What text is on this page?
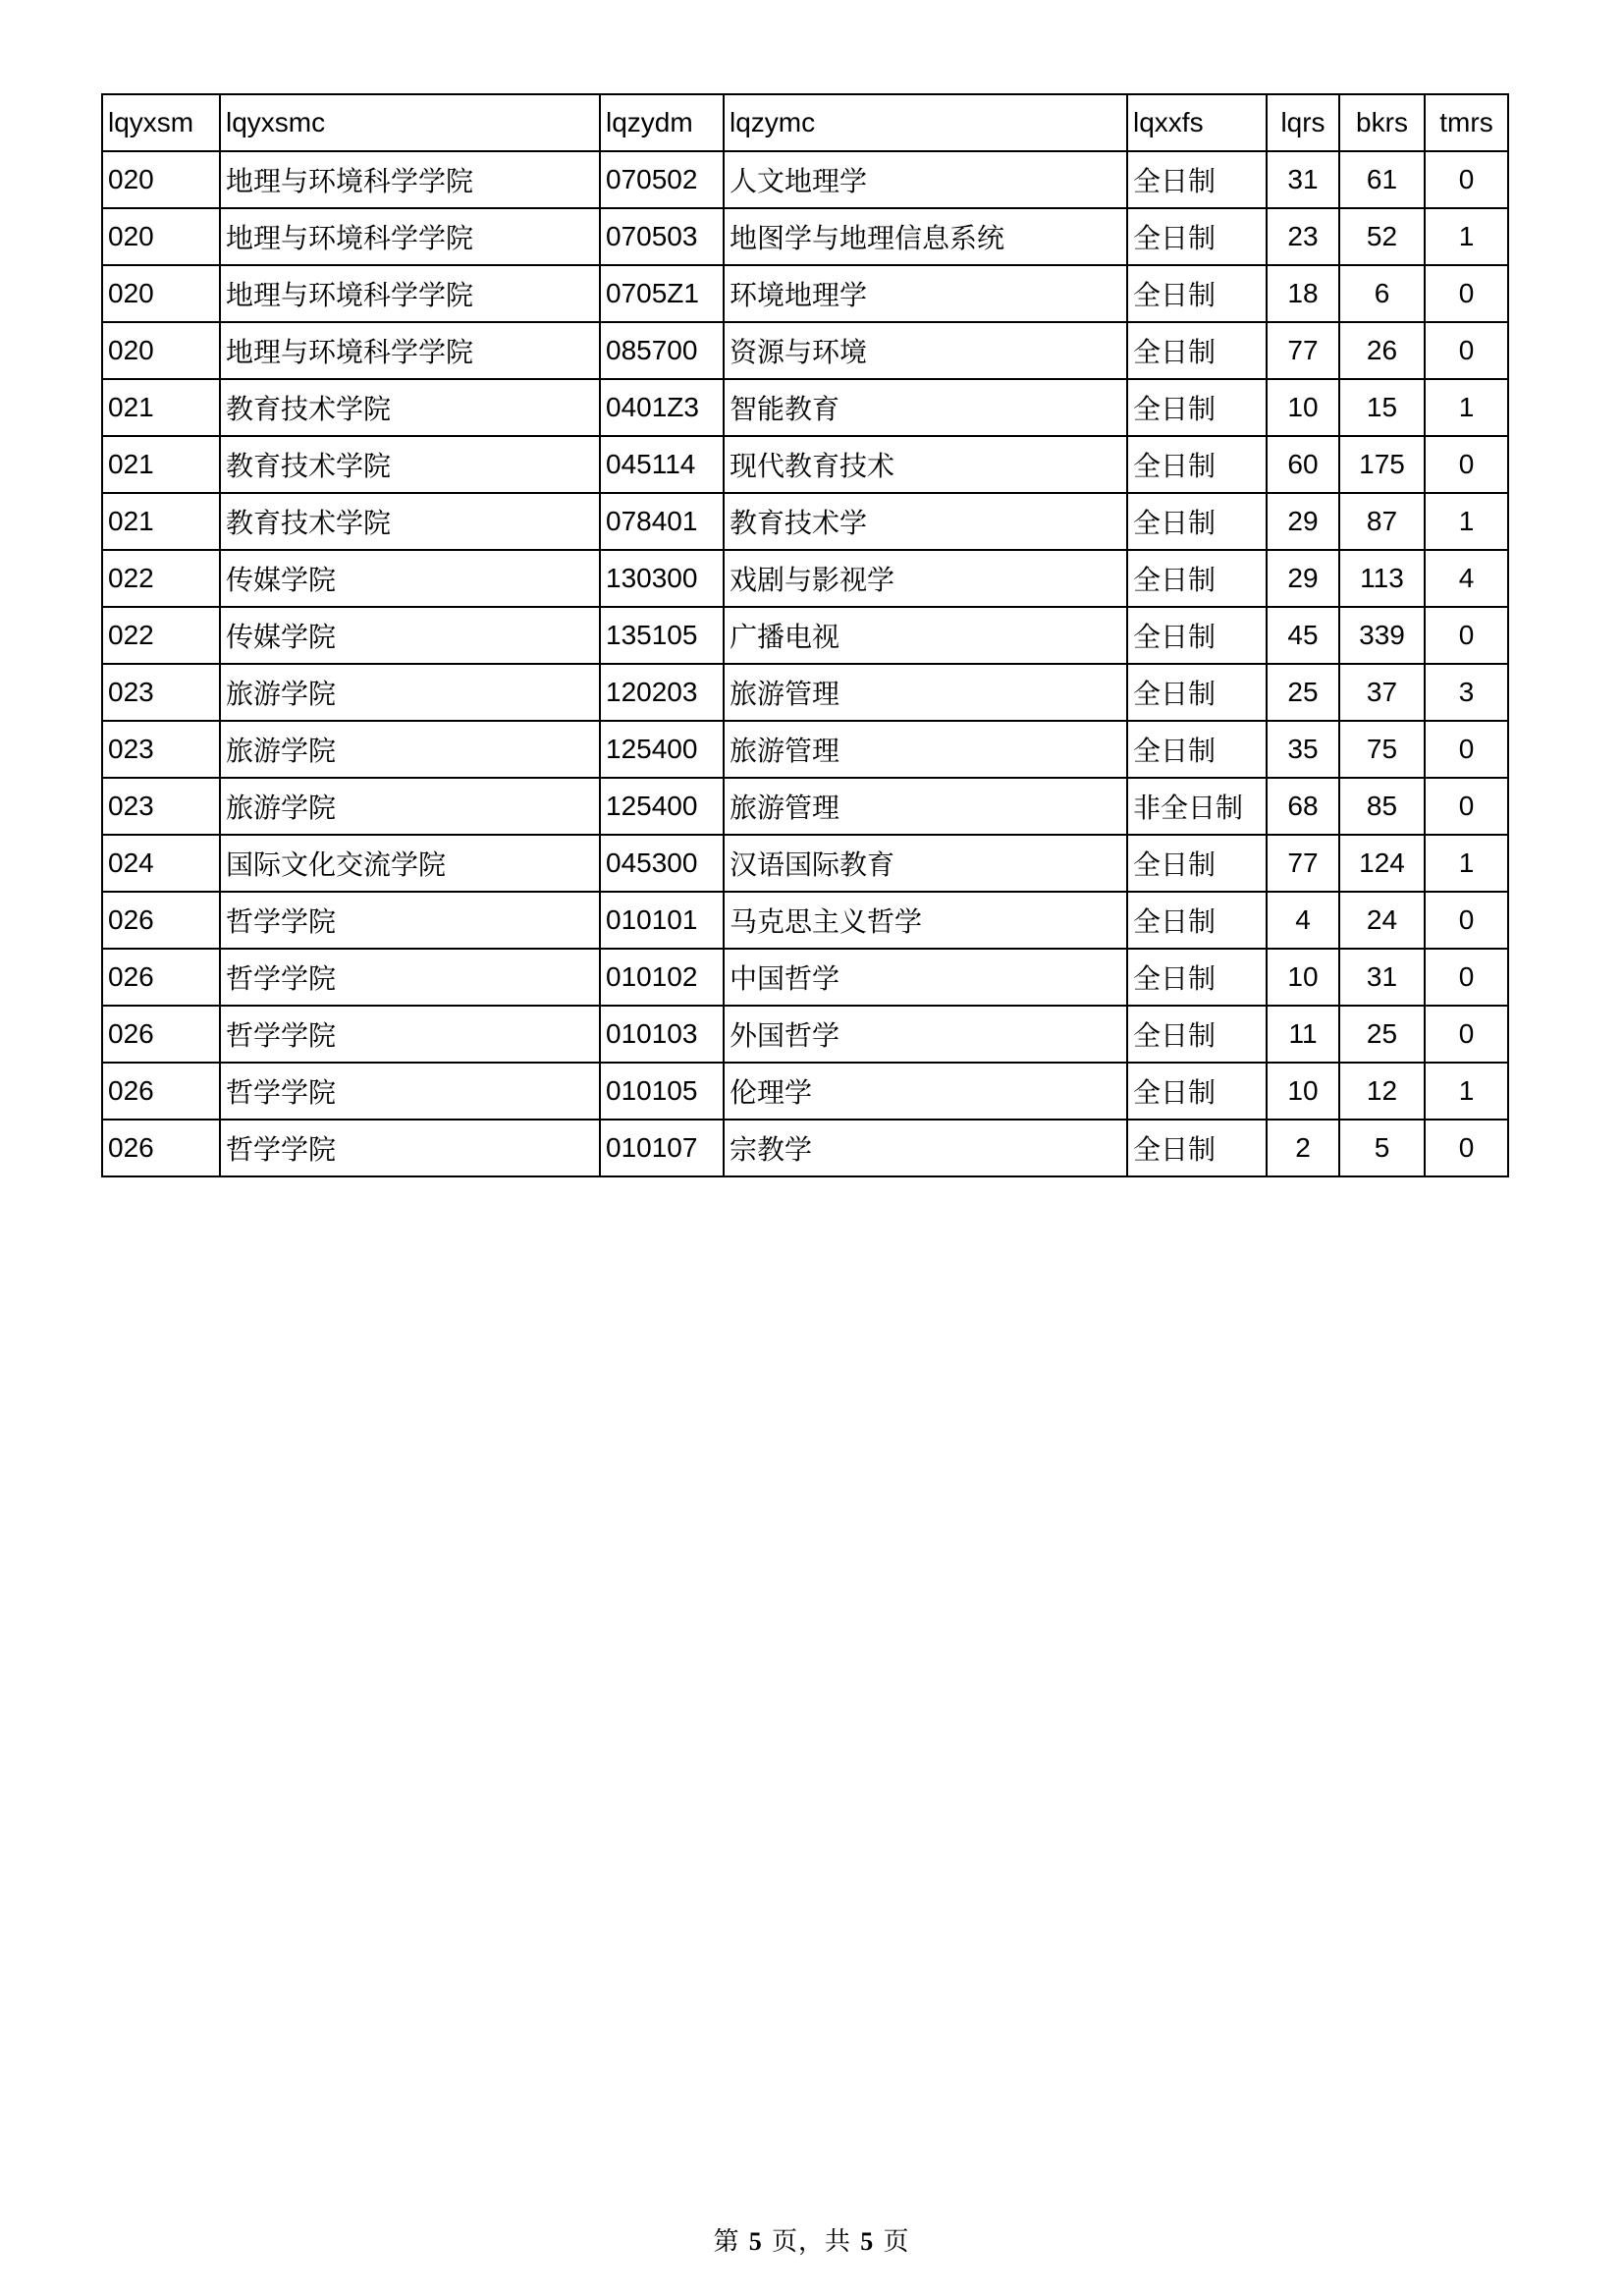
lqyxsm	lqyxsmc	lqzydm	lqzymc	lqxxfs	lqrs	bkrs	tmrs
020	地理与环境科学学院	070502	人文地理学	全日制	31	61	0
020	地理与环境科学学院	070503	地图学与地理信息系统	全日制	23	52	1
020	地理与环境科学学院	0705Z1	环境地理学	全日制	18	6	0
020	地理与环境科学学院	085700	资源与环境	全日制	77	26	0
021	教育技术学院	0401Z3	智能教育	全日制	10	15	1
021	教育技术学院	045114	现代教育技术	全日制	60	175	0
021	教育技术学院	078401	教育技术学	全日制	29	87	1
022	传媒学院	130300	戏剧与影视学	全日制	29	113	4
022	传媒学院	135105	广播电视	全日制	45	339	0
023	旅游学院	120203	旅游管理	全日制	25	37	3
023	旅游学院	125400	旅游管理	全日制	35	75	0
023	旅游学院	125400	旅游管理	非全日制	68	85	0
024	国际文化交流学院	045300	汉语国际教育	全日制	77	124	1
026	哲学学院	010101	马克思主义哲学	全日制	4	24	0
026	哲学学院	010102	中国哲学	全日制	10	31	0
026	哲学学院	010103	外国哲学	全日制	11	25	0
026	哲学学院	010105	伦理学	全日制	10	12	1
026	哲学学院	010107	宗教学	全日制	2	5	0
第 5 页，共 5 页
